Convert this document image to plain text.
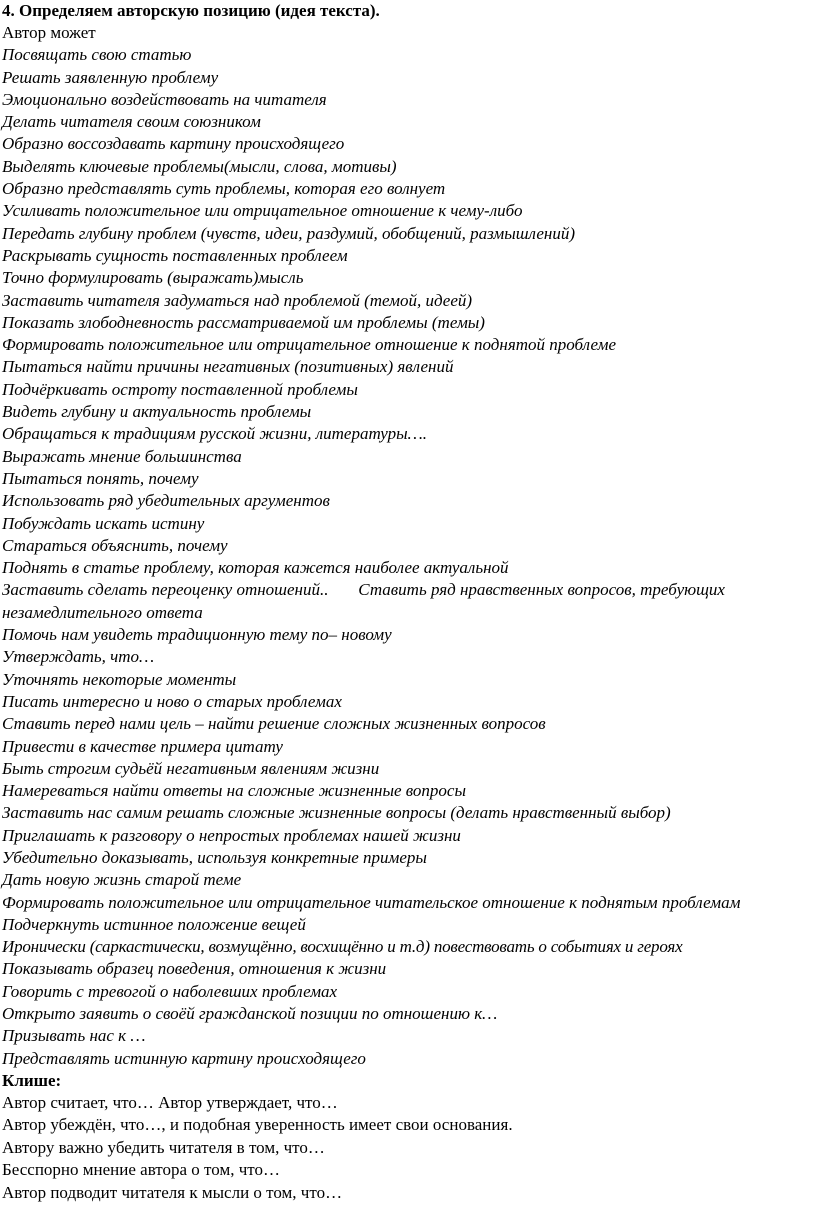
4. Определяем авторскую позицию (идея текста).

Автор может

Посвящать свою статью
Решать заявленную проблему
Эмоционально воздействовать на читателя
Делать читателя своим союзником
Образно воссоздавать картину происходящего
Выделять ключевые проблемы(мысли, слова, мотивы)
Образно представлять суть проблемы, которая его волнует
Усиливать положительное или отрицательное отношение к чему-либо
Передать глубину проблем (чувств, идеи, раздумий, обобщений, размышлений)
Раскрывать сущность поставленных проблеем
Точно формулировать (выражать)мысль
Заставить читателя задуматься над проблемой (темой, идеей)
Показать злободневность рассматриваемой им проблемы (темы)
Формировать положительное или отрицательное отношение к поднятой проблеме
Пытаться найти причины негативных (позитивных) явлений
Подчёркивать остроту поставленной проблемы
Видеть глубину и актуальность проблемы
Обращаться к традициям русской жизни, литературы….
Выражать мнение большинства
Пытаться понять, почему
Использовать ряд убедительных аргументов
Побуждать искать истину
Стараться объяснить, почему
Поднять в статье проблему, которая кажется наиболее актуальной
Заставить сделать переоценку отношений..       Ставить ряд нравственных вопросов, требующих незамедлительного ответа
Помочь нам увидеть традиционную тему по– новому
Утверждать, что…
Уточнять некоторые моменты
Писать интересно и ново о старых проблемах
Ставить перед нами цель – найти решение сложных жизненных вопросов
Привести в качестве примера цитату
Быть строгим судьёй негативным явлениям жизни
Намереваться найти ответы на сложные жизненные вопросы
Заставить нас самим решать сложные жизненные вопросы (делать нравственный выбор)
Приглашать к разговору о непростых проблемах нашей жизни
Убедительно доказывать, используя конкретные примеры
Дать новую жизнь старой теме
Формировать положительное или отрицательное читательское отношение к поднятым проблемам
Подчеркнуть истинное положение вещей
Иронически (саркастически, возмущённо, восхищённо и т.д) повествовать о событиях и героях
Показывать образец поведения, отношения к жизни
Говорить с тревогой о наболевших проблемах
Открыто заявить о своёй гражданской позиции по отношению к…
Призывать нас к …
Представлять истинную картину происходящего

Клише:

Автор считает, что… Автор утверждает, что…
Автор убеждён, что…, и подобная уверенность имеет свои основания.
Автору важно убедить читателя в том, что…
Бесспорно мнение автора о том, что…
Автор подводит читателя к мысли о том, что…
